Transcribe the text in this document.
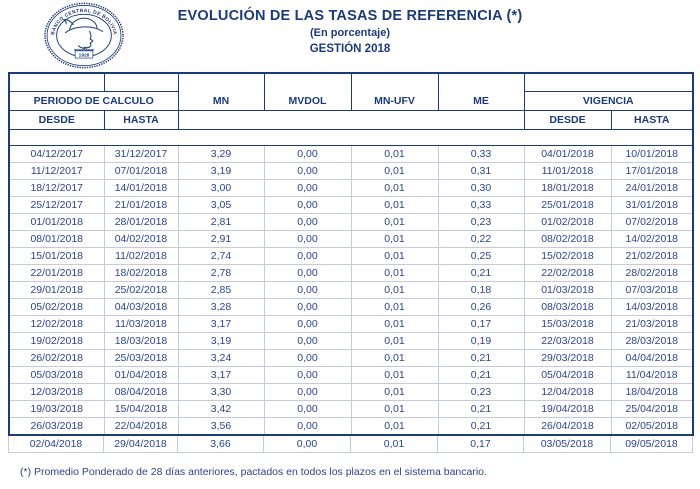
BANCO CENTRAL DE BOLIVIA
1928
EVOLUCIÓN DE LAS TASAS DE REFERENCIA (*)
(En porcentaje)
GESTIÓN 2018
		MN	MVDOL	MN-UFV	ME		
PERIODO DE CALCULO						VIGENCIA	
DESDE	HASTA					DESDE	HASTA

04/12/2017	31/12/2017	3,29	0,00	0,01	0,33	04/01/2018	10/01/2018
11/12/2017	07/01/2018	3,19	0,00	0,01	0,31	11/01/2018	17/01/2018
18/12/2017	14/01/2018	3,00	0,00	0,01	0,30	18/01/2018	24/01/2018
25/12/2017	21/01/2018	3,05	0,00	0,01	0,33	25/01/2018	31/01/2018
01/01/2018	28/01/2018	2,81	0,00	0,01	0,23	01/02/2018	07/02/2018
08/01/2018	04/02/2018	2,91	0,00	0,01	0,22	08/02/2018	14/02/2018
15/01/2018	11/02/2018	2,74	0,00	0,01	0,25	15/02/2018	21/02/2018
22/01/2018	18/02/2018	2,78	0,00	0,01	0,21	22/02/2018	28/02/2018
29/01/2018	25/02/2018	2,85	0,00	0,01	0,18	01/03/2018	07/03/2018
05/02/2018	04/03/2018	3,28	0,00	0,01	0,26	08/03/2018	14/03/2018
12/02/2018	11/03/2018	3,17	0,00	0,01	0,17	15/03/2018	21/03/2018
19/02/2018	18/03/2018	3,19	0,00	0,01	0,19	22/03/2018	28/03/2018
26/02/2018	25/03/2018	3,24	0,00	0,01	0,21	29/03/2018	04/04/2018
05/03/2018	01/04/2018	3,17	0,00	0,01	0,21	05/04/2018	11/04/2018
12/03/2018	08/04/2018	3,30	0,00	0,01	0,23	12/04/2018	18/04/2018
19/03/2018	15/04/2018	3,42	0,00	0,01	0,21	19/04/2018	25/04/2018
26/03/2018	22/04/2018	3,56	0,00	0,01	0,21	26/04/2018	02/05/2018
02/04/2018	29/04/2018	3,66	0,00	0,01	0,17	03/05/2018	09/05/2018
(*) Promedio Ponderado de 28 días anteriores, pactados en todos los plazos en el sistema bancario.
